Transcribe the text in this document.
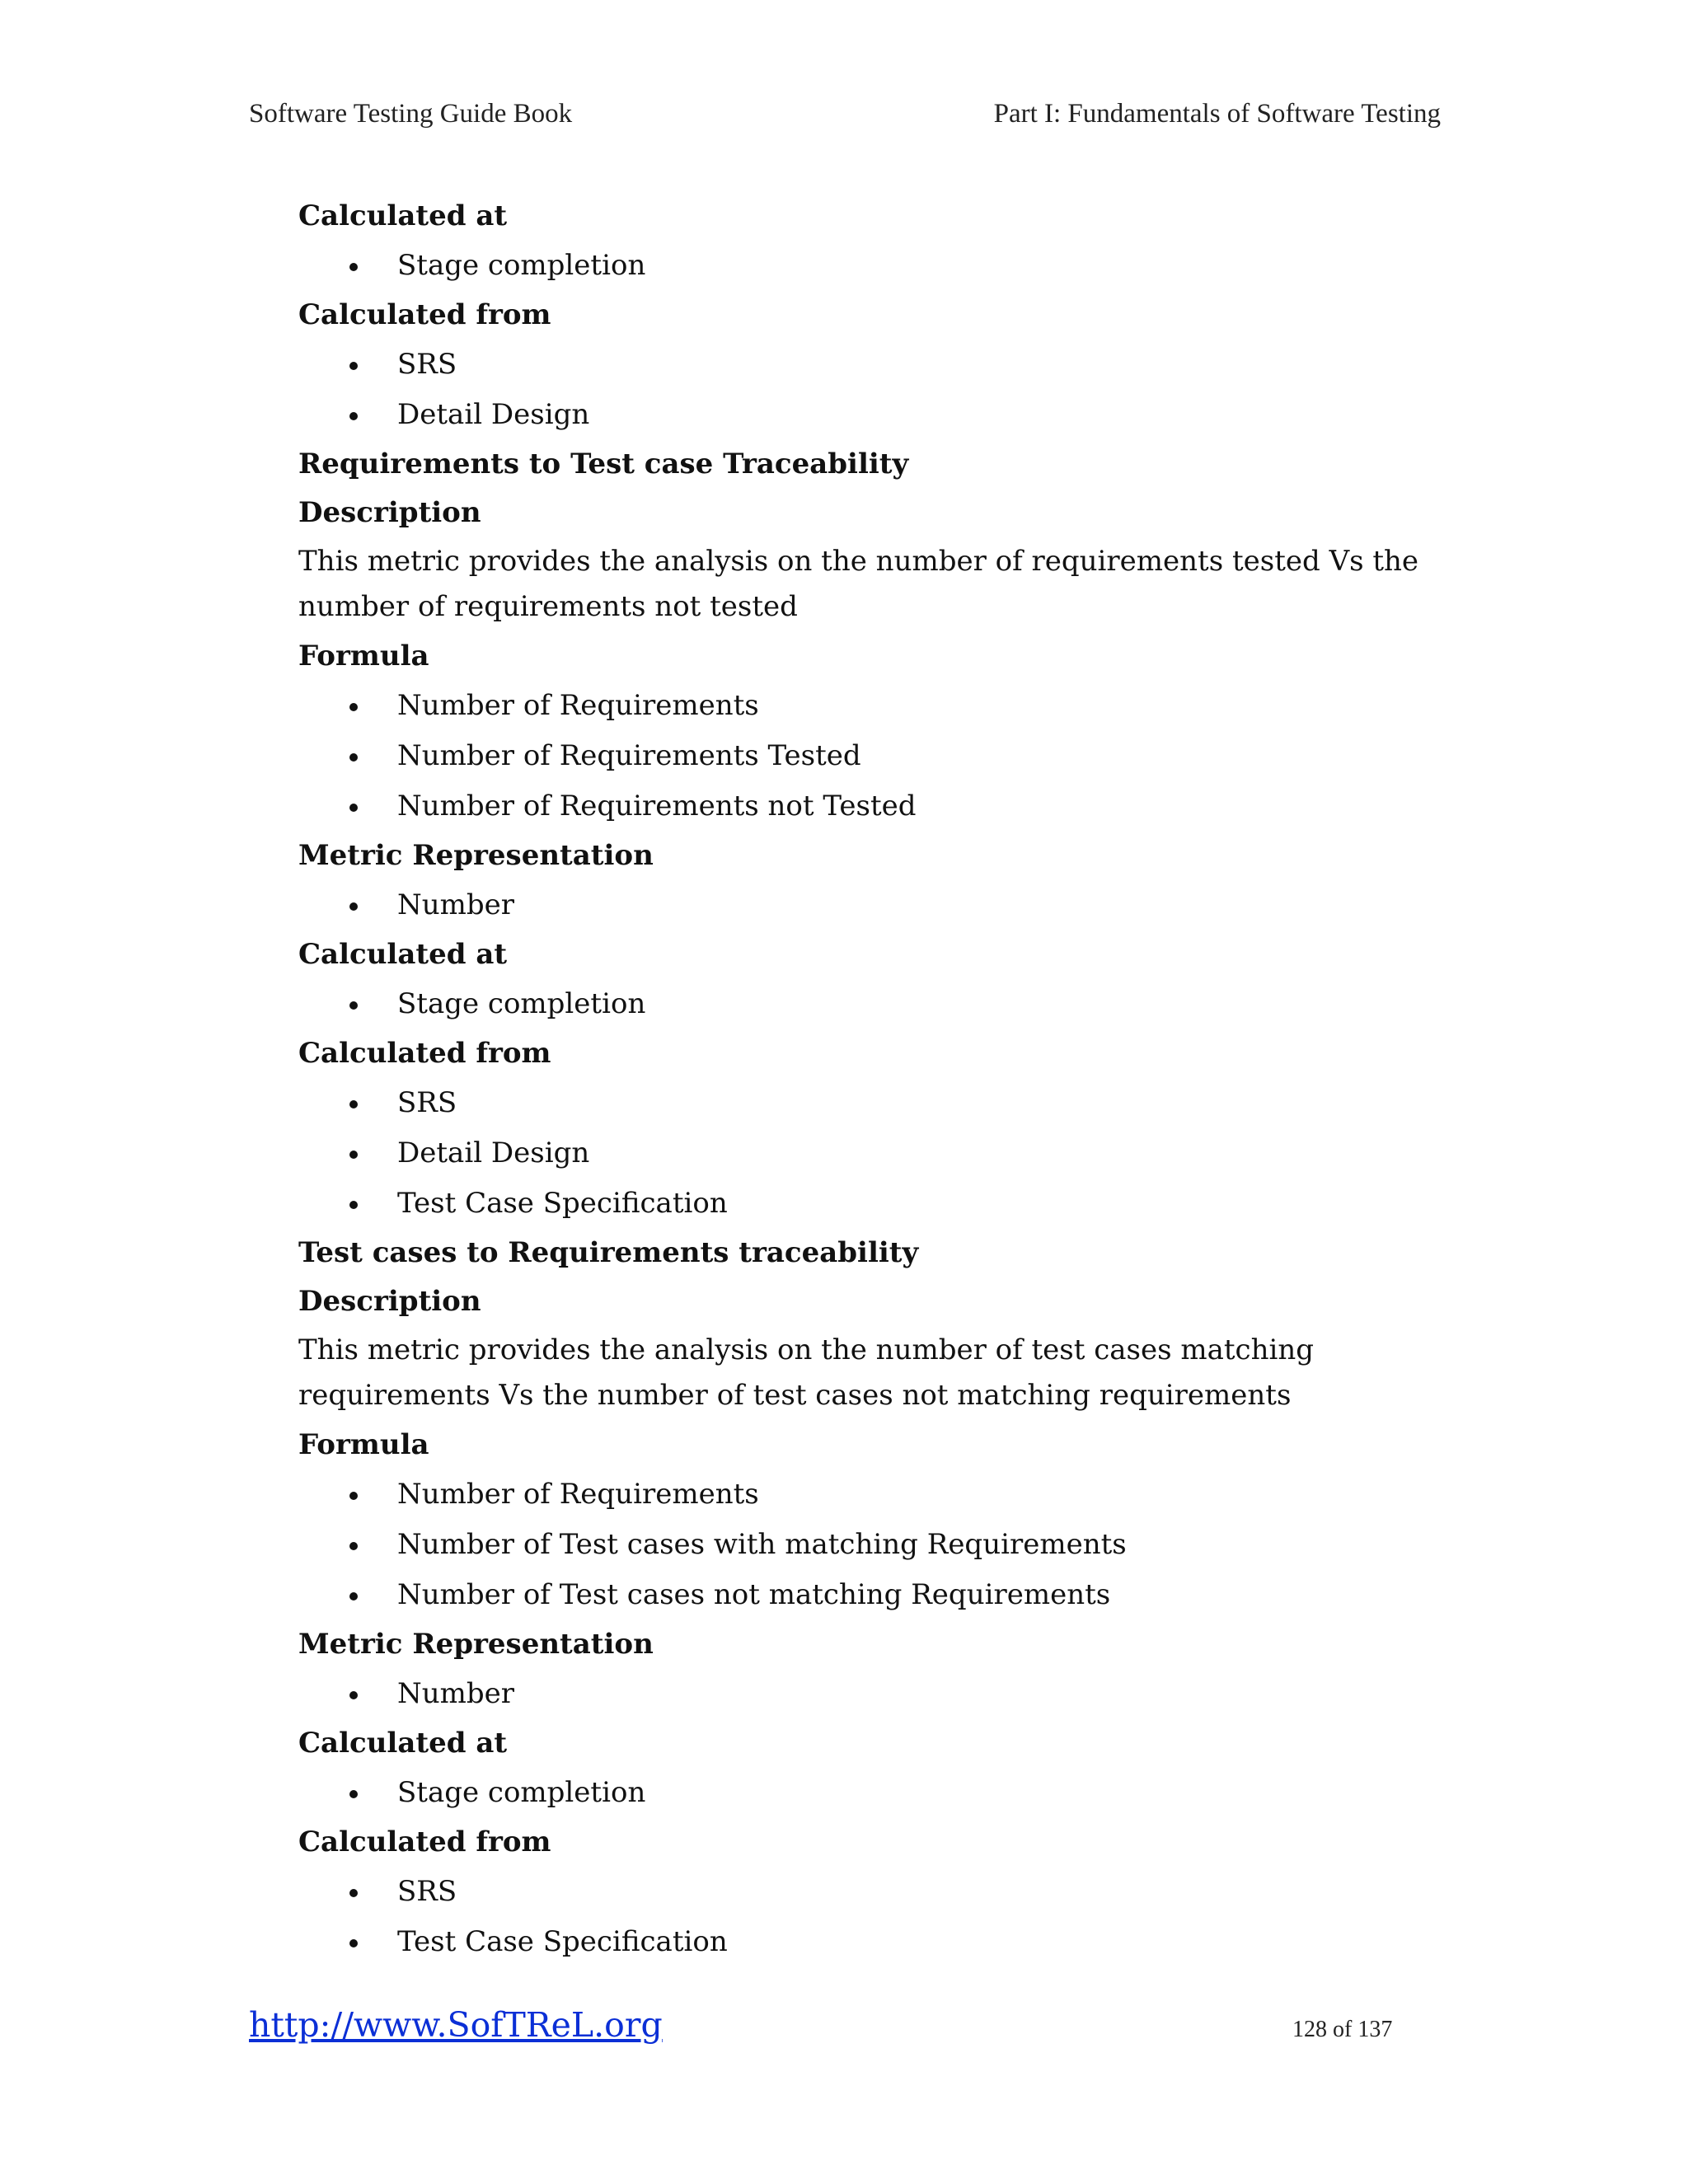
Software Testing Guide Book	Part I: Fundamentals of Software Testing
Calculated at
Stage completion
Calculated from
SRS
Detail Design
Requirements to Test case Traceability
Description
This metric provides the analysis on the number of requirements tested Vs the number of requirements not tested
Formula
Number of Requirements
Number of Requirements Tested
Number of Requirements not Tested
Metric Representation
Number
Calculated at
Stage completion
Calculated from
SRS
Detail Design
Test Case Specification
Test cases to Requirements traceability
Description
This metric provides the analysis on the number of test cases matching requirements Vs the number of test cases not matching requirements
Formula
Number of Requirements
Number of Test cases with matching Requirements
Number of Test cases not matching Requirements
Metric Representation
Number
Calculated at
Stage completion
Calculated from
SRS
Test Case Specification
http://www.SofTReL.org	128 of 137
